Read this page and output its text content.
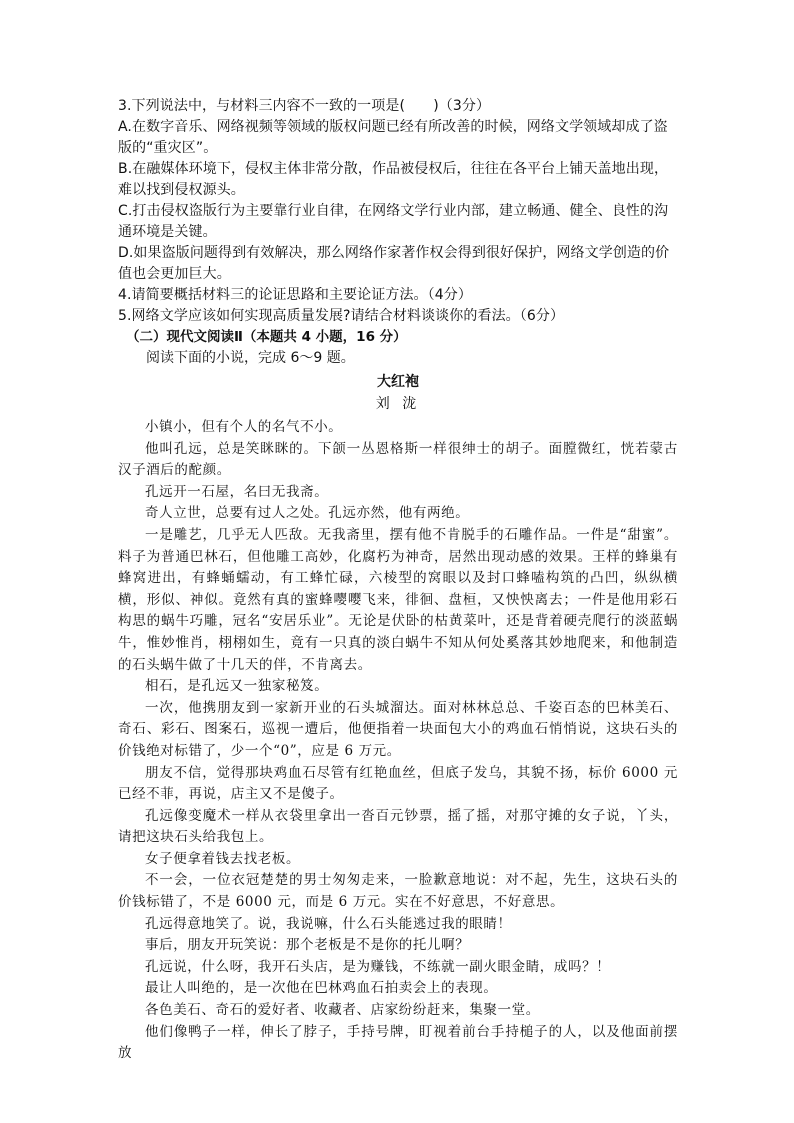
3.下列说法中，与材料三内容不一致的一项是(　　)（3分）

A.在数字音乐、网络视频等领域的版权问题已经有所改善的时候，网络文学领域却成了盗版的“重灾区”。

B.在融媒体环境下，侵权主体非常分散，作品被侵权后，往往在各平台上铺天盖地出现，难以找到侵权源头。

C.打击侵权盗版行为主要靠行业自律，在网络文学行业内部，建立畅通、健全、良性的沟通环境是关键。

D.如果盗版问题得到有效解决，那么网络作家著作权会得到很好保护，网络文学创造的价值也会更加巨大。

4.请简要概括材料三的论证思路和主要论证方法。（4分）

5.网络文学应该如何实现高质量发展?请结合材料谈谈你的看法。（6分）

（二）现代文阅读Ⅱ（本题共 4 小题，16 分）

阅读下面的小说，完成 6～9 题。

大红袍

刘 泷

小镇小，但有个人的名气不小。

他叫孔远，总是笑眯眯的。下颌一丛恩格斯一样很绅士的胡子。面膛微红，恍若蒙古汉子酒后的酡颜。

孔远开一石屋，名曰无我斋。

奇人立世，总要有过人之处。孔远亦然，他有两绝。

一是雕艺，几乎无人匹敌。无我斋里，摆有他不肯脱手的石雕作品。一件是“甜蜜”。料子为普通巴林石，但他雕工高妙，化腐朽为神奇，居然出现动感的效果。王样的蜂巢有蜂窝进出，有蜂蛹蠕动，有工蜂忙碌，六棱型的窝眼以及封口蜂嗑构筑的凸凹，纵纵横横，形似、神似。竟然有真的蜜蜂嘤嘤飞来，徘徊、盘桓，又怏怏离去；一件是他用彩石构思的蜗牛巧雕，冠名“安居乐业”。无论是伏卧的枯黄菜叶，还是背着硬壳爬行的淡蓝蜗牛，惟妙惟肖，栩栩如生，竟有一只真的淡白蜗牛不知从何处奚落其妙地爬来，和他制造的石头蜗牛做了十几天的伴，不肯离去。

相石，是孔远又一独家秘笈。

一次，他携朋友到一家新开业的石头城溜达。面对林林总总、千姿百态的巴林美石、奇石、彩石、图案石，巡视一遭后，他便指着一块面包大小的鸡血石悄悄说，这块石头的价钱绝对标错了，少一个“0”，应是 6 万元。

朋友不信，觉得那块鸡血石尽管有红艳血丝，但底子发乌，其貌不扬，标价 6000 元已经不菲，再说，店主又不是傻子。

孔远像变魔术一样从衣袋里拿出一沓百元钞票，摇了摇，对那守摊的女子说，丫头，请把这块石头给我包上。

女子便拿着钱去找老板。

不一会，一位衣冠楚楚的男士匆匆走来，一脸歉意地说：对不起，先生，这块石头的价钱标错了，不是 6000 元，而是 6 万元。实在不好意思，不好意思。

孔远得意地笑了。说，我说嘛，什么石头能逃过我的眼睛！

事后，朋友开玩笑说：那个老板是不是你的托儿啊？

孔远说，什么呀，我开石头店，是为赚钱，不练就一副火眼金睛，成吗？！

最让人叫绝的，是一次他在巴林鸡血石拍卖会上的表现。

各色美石、奇石的爱好者、收藏者、店家纷纷赶来，集聚一堂。

他们像鸭子一样，伸长了脖子，手持号牌，盯视着前台手持槌子的人，以及他面前摆放
